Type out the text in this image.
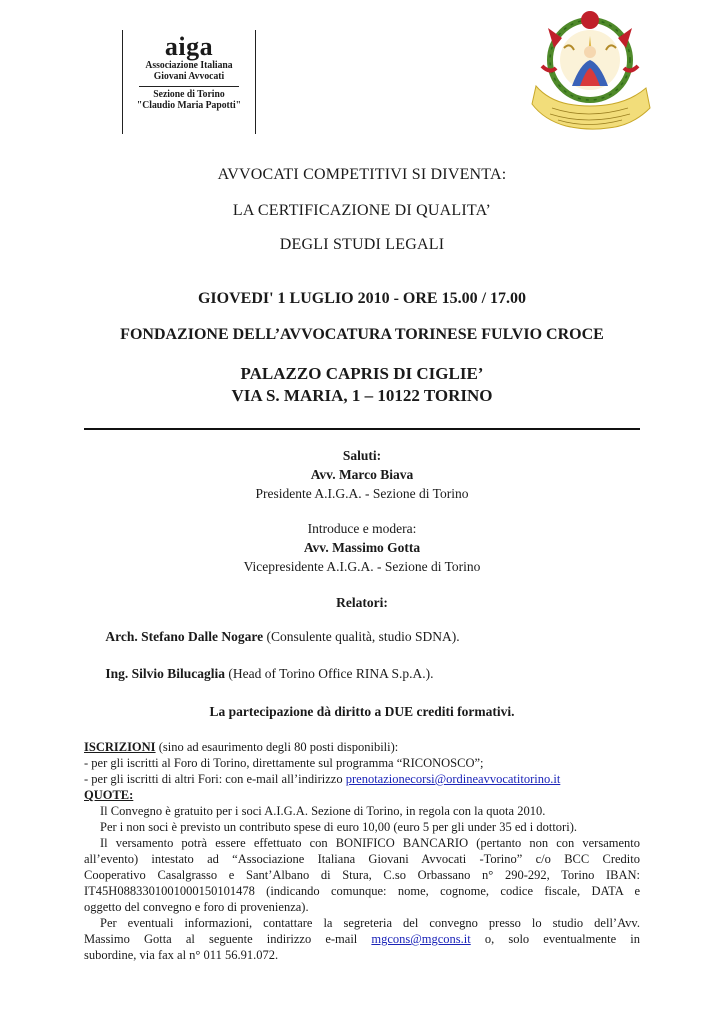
aiga
Associazione Italiana
Giovani Avvocati
Sezione di Torino
"Claudio Maria Papotti"
AVVOCATI COMPETITIVI SI DIVENTA:
LA CERTIFICAZIONE DI QUALITA’
DEGLI STUDI LEGALI
GIOVEDI' 1 LUGLIO 2010 - ORE 15.00 / 17.00
FONDAZIONE DELL’AVVOCATURA TORINESE FULVIO CROCE
PALAZZO CAPRIS DI CIGLIE’
VIA S. MARIA, 1 – 10122 TORINO
Saluti:
Avv. Marco Biava
Presidente A.I.G.A. - Sezione di Torino
Introduce e modera:
Avv. Massimo Gotta
Vicepresidente A.I.G.A. - Sezione di Torino
Relatori:
Arch. Stefano Dalle Nogare (Consulente qualità, studio SDNA).
Ing. Silvio Bilucaglia (Head of Torino Office RINA S.p.A.).
La partecipazione dà diritto a DUE crediti formativi.
ISCRIZIONI (sino ad esaurimento degli 80 posti disponibili):
- per gli iscritti al Foro di Torino, direttamente sul programma “RICONOSCO”;
- per gli iscritti di altri Fori: con e-mail all’indirizzo prenotazionecorsi@ordineavvocatitorino.it
QUOTE:
Il Convegno è gratuito per i soci A.I.G.A. Sezione di Torino, in regola con la quota 2010.
Per i non soci è previsto un contributo spese di euro 10,00 (euro 5 per gli under 35 ed i dottori).
Il versamento potrà essere effettuato con BONIFICO BANCARIO (pertanto non con versamento
all’evento) intestato ad “Associazione Italiana Giovani Avvocati -Torino” c/o BCC Credito
Cooperativo Casalgrasso e Sant’Albano di Stura, C.so Orbassano n° 290-292, Torino IBAN:
IT45H0883301001000150101478 (indicando comunque: nome, cognome, codice fiscale, DATA e
oggetto del convegno e foro di provenienza).
Per eventuali informazioni, contattare la segreteria del convegno presso lo studio dell’Avv.
Massimo Gotta al seguente indirizzo e-mail mgcons@mgcons.it o, solo eventualmente in
subordine, via fax al n° 011 56.91.072.
